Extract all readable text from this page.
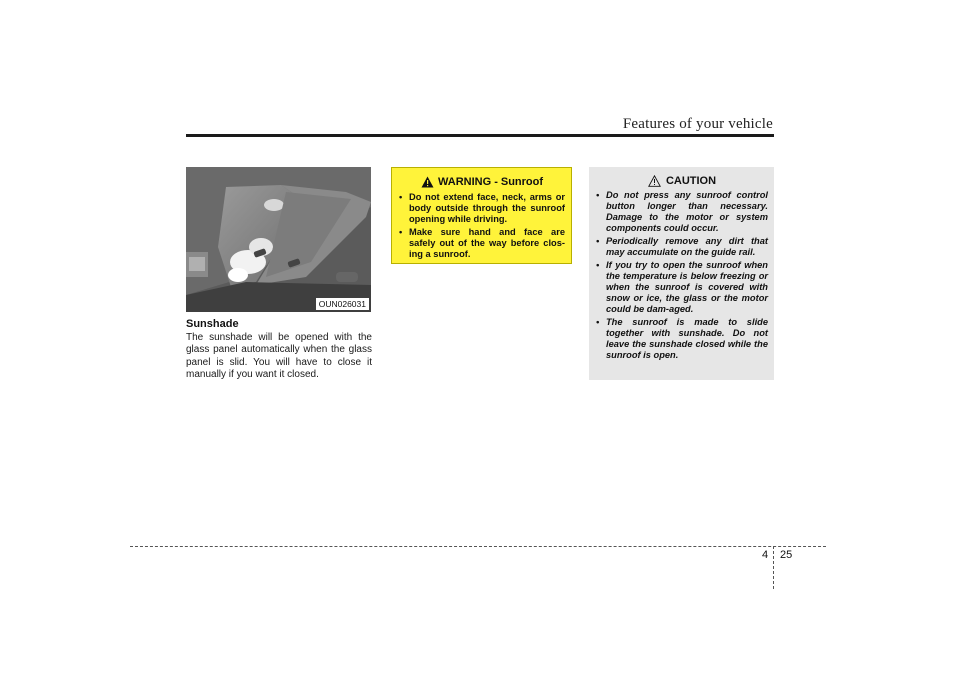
Features of your vehicle
OUN026031
Sunshade
The sunshade will be opened with the glass panel automatically when the glass panel is slid. You will have to close it manually if you want it closed.
WARNING - Sunroof
• Do not extend face, neck, arms or body outside through the sunroof opening while driving.
• Make sure hand and face are safely out of the way before clos-ing a sunroof.
CAUTION
• Do not press any sunroof control button longer than necessary. Damage to the motor or system components could occur.
• Periodically remove any dirt that may accumulate on the guide rail.
• If you try to open the sunroof when the temperature is below freezing or when the sunroof is covered with snow or ice, the glass or the motor could be dam-aged.
• The sunroof is made to slide together with sunshade. Do not leave the sunshade closed while the sunroof is open.
4 25
